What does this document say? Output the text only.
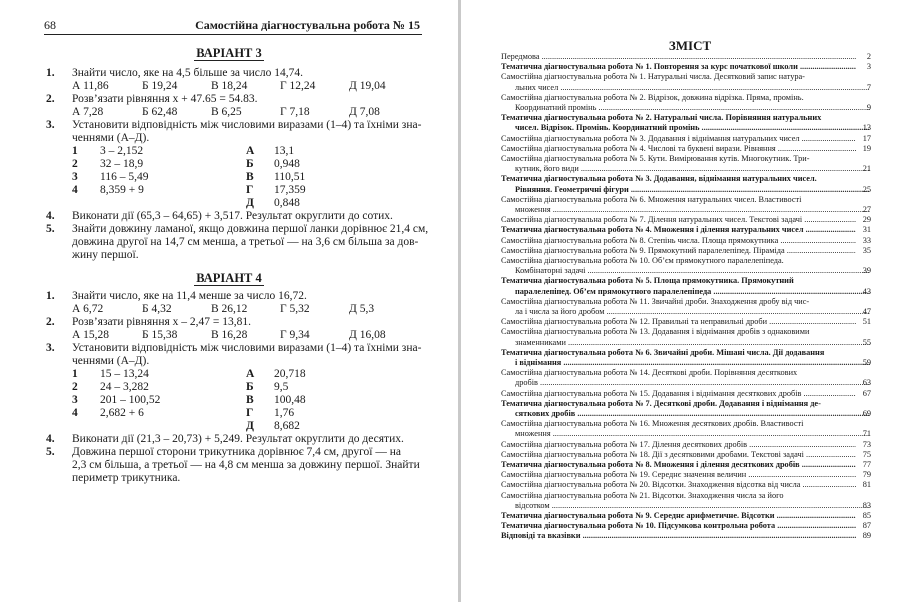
68	Самостійна діагностувальна робота № 15
ВАРІАНТ 3
1. Знайти число, яке на 4,5 більше за число 14,74.
А 11,86	Б 19,24	В 18,24	Г 12,24	Д 19,04
2. Розв’язати рівняння x + 47.65 = 54.83.
А 7,28	Б 62,48	В 6,25	Г 7,18	Д 7,08
3. Установити відповідність між числовими виразами (1–4) та їхніми зна-
ченнями (А–Д).
1 3 – 2,152	А 13,1
2 32 – 18,9	Б 0,948
3 116 – 5,49	В 110,51
4 8,359 + 9	Г 17,359
Д 0,848
4. Виконати дії (65,3 – 64,65) + 3,517. Результат округлити до сотих.
5. Знайти довжину ламаної, якщо довжина першої ланки дорівнює 21,4 см,
довжина другої на 14,7 см менша, а третьої — на 3,6 см більша за дов-
жину першої.
ВАРІАНТ 4
1. Знайти число, яке на 11,4 менше за число 16,72.
А 6,72	Б 4,32	В 26,12	Г 5,32	Д 5,3
2. Розв’язати рівняння x – 2,47 = 13,81.
А 15,28	Б 15,38	В 16,28	Г 9,34	Д 16,08
3. Установити відповідність між числовими виразами (1–4) та їхніми зна-
ченнями (А–Д).
1 15 – 13,24	А 20,718
2 24 – 3,282	Б 9,5
3 201 – 100,52	В 100,48
4 2,682 + 6	Г 1,76
Д 8,682
4. Виконати дії (21,3 – 20,73) + 5,249. Результат округлити до десятих.
5. Довжина першої сторони трикутника дорівнює 7,4 см, другої — на
2,3 см більша, а третьої — на 4,8 см менша за довжину першої. Знайти
периметр трикутника.
ЗМІСТ
Передмова .....	2
Тематична діагностувальна робота № 1. Повторення за курс початкової школи .....	3
Самостійна діагностувальна робота № 1. Натуральні числа. Десятковий запис натура-
льних чисел .....	7
Самостійна діагностувальна робота № 2. Відрізок, довжина відрізка. Пряма, промінь.
Координатний промінь .....	9
Тематична діагностувальна робота № 2. Натуральні числа. Порівняння натуральних
чисел. Відрізок. Промінь. Координатний промінь .....	13
Самостійна діагностувальна робота № 3. Додавання і віднімання натуральних чисел .....	17
Самостійна діагностувальна робота № 4. Числові та буквені вирази. Рівняння .....	19
Самостійна діагностувальна робота № 5. Кути. Вимірювання кутів. Многокутник. Три-
кутник, його види .....	21
Тематична діагностувальна робота № 3. Додавання, віднімання натуральних чисел.
Рівняння. Геометричні фігури .....	25
Самостійна діагностувальна робота № 6. Множення натуральних чисел. Властивості
множення .....	27
Самостійна діагностувальна робота № 7. Ділення натуральних чисел. Текстові задачі .....	29
Тематична діагностувальна робота № 4. Множення і ділення натуральних чисел .....	31
Самостійна діагностувальна робота № 8. Степінь числа. Площа прямокутника .....	33
Самостійна діагностувальна робота № 9. Прямокутний паралелепіпед. Піраміда .....	35
Самостійна діагностувальна робота № 10. Об’єм прямокутного паралелепіпеда.
Комбінаторні задачі .....	39
Тематична діагностувальна робота № 5. Площа прямокутника. Прямокутний
паралелепіпед. Об’єм прямокутного паралелепіпеда .....	43
Самостійна діагностувальна робота № 11. Звичайні дроби. Знаходження дробу від чис-
ла і числа за його дробом .....	47
Самостійна діагностувальна робота № 12. Правильні та неправильні дроби .....	51
Самостійна діагностувальна робота № 13. Додавання і віднімання дробів з однаковими
знаменниками .....	55
Тематична діагностувальна робота № 6. Звичайні дроби. Мішані числа. Дії додавання
і віднімання .....	59
Самостійна діагностувальна робота № 14. Десяткові дроби. Порівняння десяткових
дробів .....	63
Самостійна діагностувальна робота № 15. Додавання і віднімання десяткових дробів .....	67
Тематична діагностувальна робота № 7. Десяткові дроби. Додавання і віднімання де-
сяткових дробів .....	69
Самостійна діагностувальна робота № 16. Множення десяткових дробів. Властивості
множення .....	71
Самостійна діагностувальна робота № 17. Ділення десяткових дробів .....	73
Самостійна діагностувальна робота № 18. Дії з десятковими дробами. Текстові задачі .....	75
Тематична діагностувальна робота № 8. Множення і ділення десяткових дробів .....	77
Самостійна діагностувальна робота № 19. Середнє значення величин .....	79
Самостійна діагностувальна робота № 20. Відсотки. Знаходження відсотка від числа .....	81
Самостійна діагностувальна робота № 21. Відсотки. Знаходження числа за його
відсотком .....	83
Тематична діагностувальна робота № 9. Середнє арифметичне. Відсотки .....	85
Тематична діагностувальна робота № 10. Підсумкова контрольна робота .....	87
Відповіді та вказівки .....	89
